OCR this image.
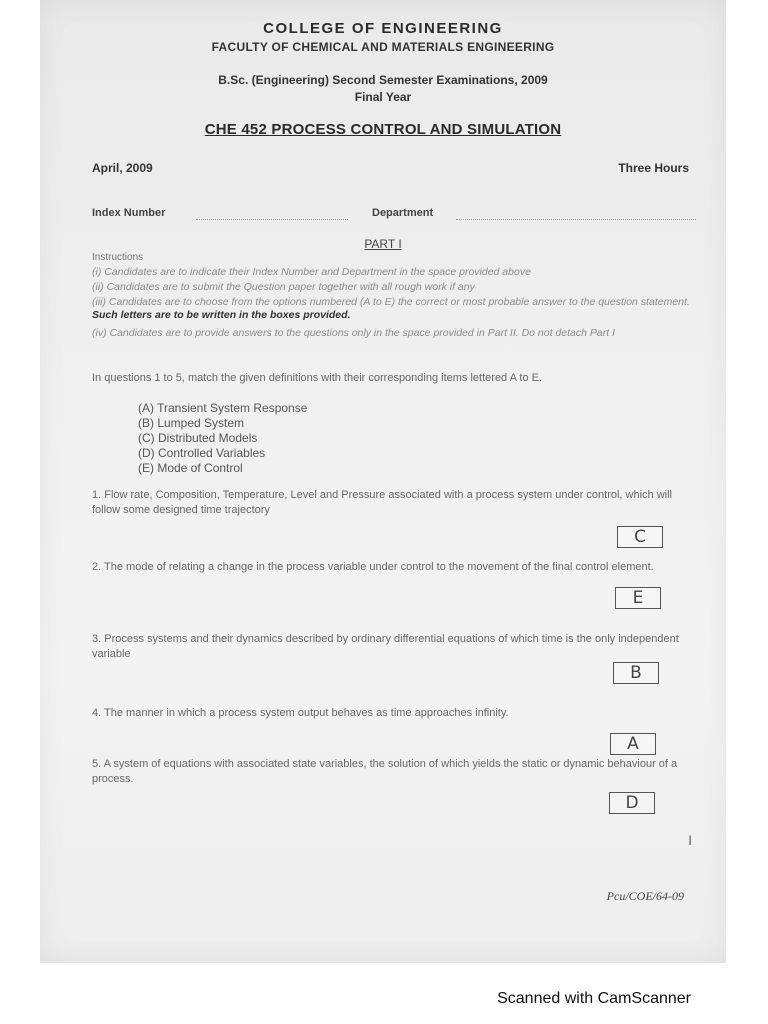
COLLEGE OF ENGINEERING
FACULTY OF CHEMICAL AND MATERIALS ENGINEERING
B.Sc. (Engineering) Second Semester Examinations, 2009
Final Year
CHE 452 PROCESS CONTROL AND SIMULATION
April, 2009	Three Hours
Index Number	Department
PART I
Instructions
(i) Candidates are to indicate their Index Number and Department in the space provided above
(ii) Candidates are to submit the Question paper together with all rough work if any
(iii) Candidates are to choose from the options numbered (A to E) the correct or most probable answer to the question statement. Such letters are to be written in the boxes provided.
(iv) Candidates are to provide answers to the questions only in the space provided in Part II. Do not detach Part I
In questions 1 to 5, match the given definitions with their corresponding items lettered A to E.
(A) Transient System Response
(B) Lumped System
(C) Distributed Models
(D) Controlled Variables
(E) Mode of Control
1. Flow rate, Composition, Temperature, Level and Pressure associated with a process system under control, which will follow some designed time trajectory
C
2. The mode of relating a change in the process variable under control to the movement of the final control element.
E
3. Process systems and their dynamics described by ordinary differential equations of which time is the only independent variable
B
4. The manner in which a process system output behaves as time approaches infinity.
A
5. A system of equations with associated state variables, the solution of which yields the static or dynamic behaviour of a process.
D
I
Pcu/COE/64-09
Scanned with CamScanner
